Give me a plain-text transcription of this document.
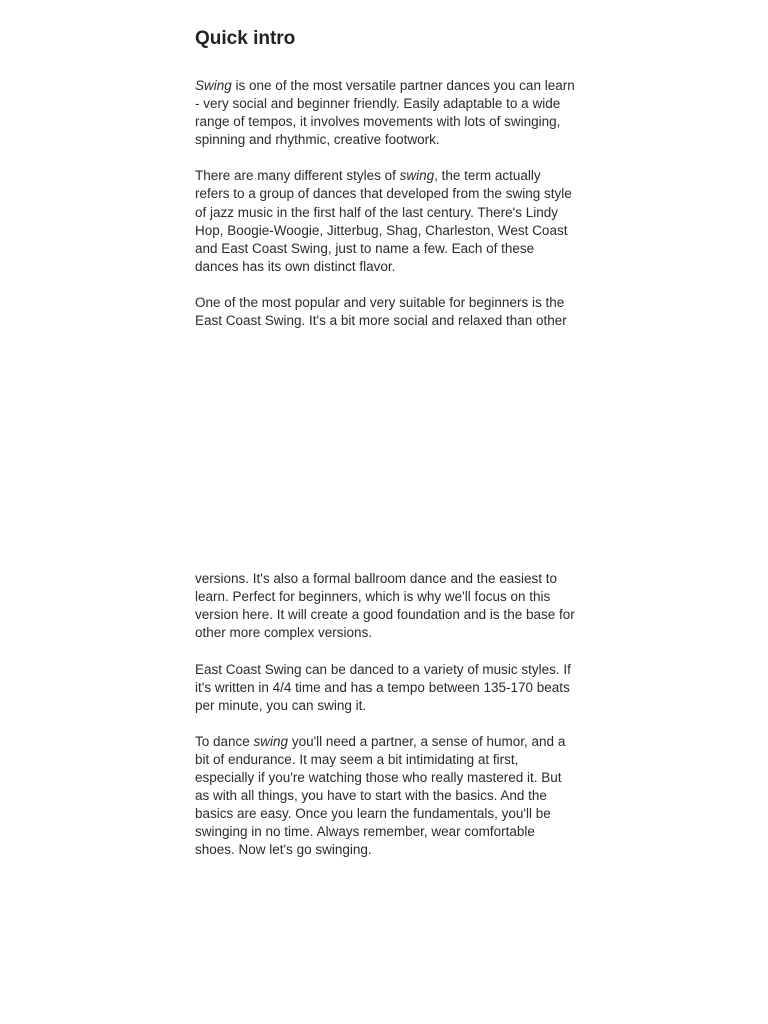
Quick intro

Swing is one of the most versatile partner dances you can learn - very social and beginner friendly. Easily adaptable to a wide range of tempos, it involves movements with lots of swinging, spinning and rhythmic, creative footwork.

There are many different styles of swing, the term actually refers to a group of dances that developed from the swing style of jazz music in the first half of the last century. There's Lindy Hop, Boogie-Woogie, Jitterbug, Shag, Charleston, West Coast and East Coast Swing, just to name a few. Each of these dances has its own distinct flavor.

One of the most popular and very suitable for beginners is the East Coast Swing. It's a bit more social and relaxed than other

versions. It's also a formal ballroom dance and the easiest to learn. Perfect for beginners, which is why we'll focus on this version here. It will create a good foundation and is the base for other more complex versions.

East Coast Swing can be danced to a variety of music styles. If it's written in 4/4 time and has a tempo between 135-170 beats per minute, you can swing it.

To dance swing you'll need a partner, a sense of humor, and a bit of endurance. It may seem a bit intimidating at first, especially if you're watching those who really mastered it. But as with all things, you have to start with the basics. And the basics are easy. Once you learn the fundamentals, you'll be swinging in no time. Always remember, wear comfortable shoes. Now let's go swinging.
